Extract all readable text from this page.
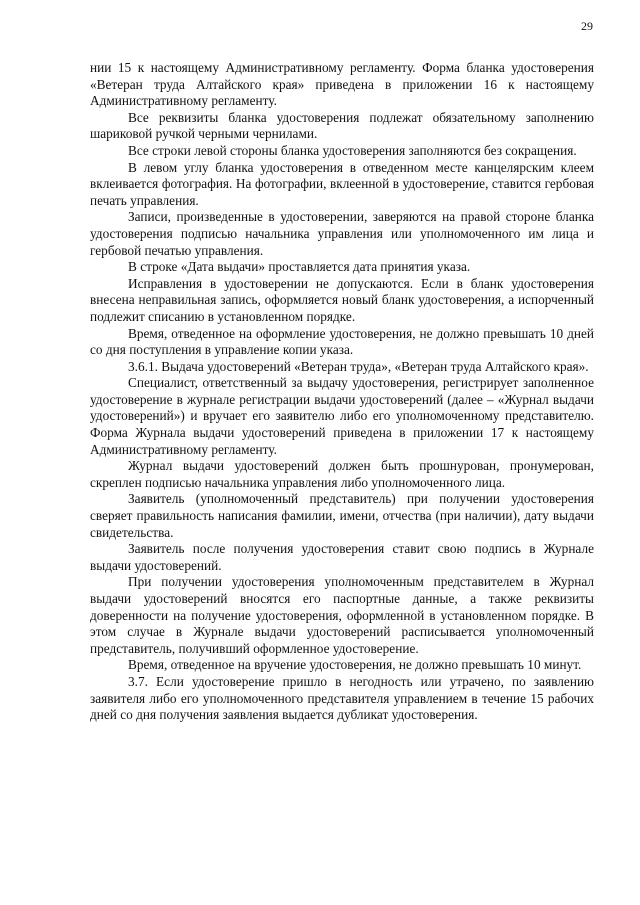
29

нии 15 к настоящему Административному регламенту. Форма бланка удостоверения «Ветеран труда Алтайского края» приведена в приложении 16 к настоящему Административному регламенту.

Все реквизиты бланка удостоверения подлежат обязательному заполнению шариковой ручкой черными чернилами.

Все строки левой стороны бланка удостоверения заполняются без сокращения.

В левом углу бланка удостоверения в отведенном месте канцелярским клеем вклеивается фотография. На фотографии, вклеенной в удостоверение, ставится гербовая печать управления.

Записи, произведенные в удостоверении, заверяются на правой стороне бланка удостоверения подписью начальника управления или уполномоченного им лица и гербовой печатью управления.

В строке «Дата выдачи» проставляется дата принятия указа.

Исправления в удостоверении не допускаются. Если в бланк удостоверения внесена неправильная запись, оформляется новый бланк удостоверения, а испорченный подлежит списанию в установленном порядке.

Время, отведенное на оформление удостоверения, не должно превышать 10 дней со дня поступления в управление копии указа.

3.6.1. Выдача удостоверений «Ветеран труда», «Ветеран труда Алтайского края».

Специалист, ответственный за выдачу удостоверения, регистрирует заполненное удостоверение в журнале регистрации выдачи удостоверений (далее – «Журнал выдачи удостоверений») и вручает его заявителю либо его уполномоченному представителю. Форма Журнала выдачи удостоверений приведена в приложении 17 к настоящему Административному регламенту.

Журнал выдачи удостоверений должен быть прошнурован, пронумерован, скреплен подписью начальника управления либо уполномоченного лица.

Заявитель (уполномоченный представитель) при получении удостоверения сверяет правильность написания фамилии, имени, отчества (при наличии), дату выдачи свидетельства.

Заявитель после получения удостоверения ставит свою подпись в Журнале выдачи удостоверений.

При получении удостоверения уполномоченным представителем в Журнал выдачи удостоверений вносятся его паспортные данные, а также реквизиты доверенности на получение удостоверения, оформленной в установленном порядке. В этом случае в Журнале выдачи удостоверений расписывается уполномоченный представитель, получивший оформленное удостоверение.

Время, отведенное на вручение удостоверения, не должно превышать 10 минут.

3.7. Если удостоверение пришло в негодность или утрачено, по заявлению заявителя либо его уполномоченного представителя управлением в течение 15 рабочих дней со дня получения заявления выдается дубликат удостоверения.
